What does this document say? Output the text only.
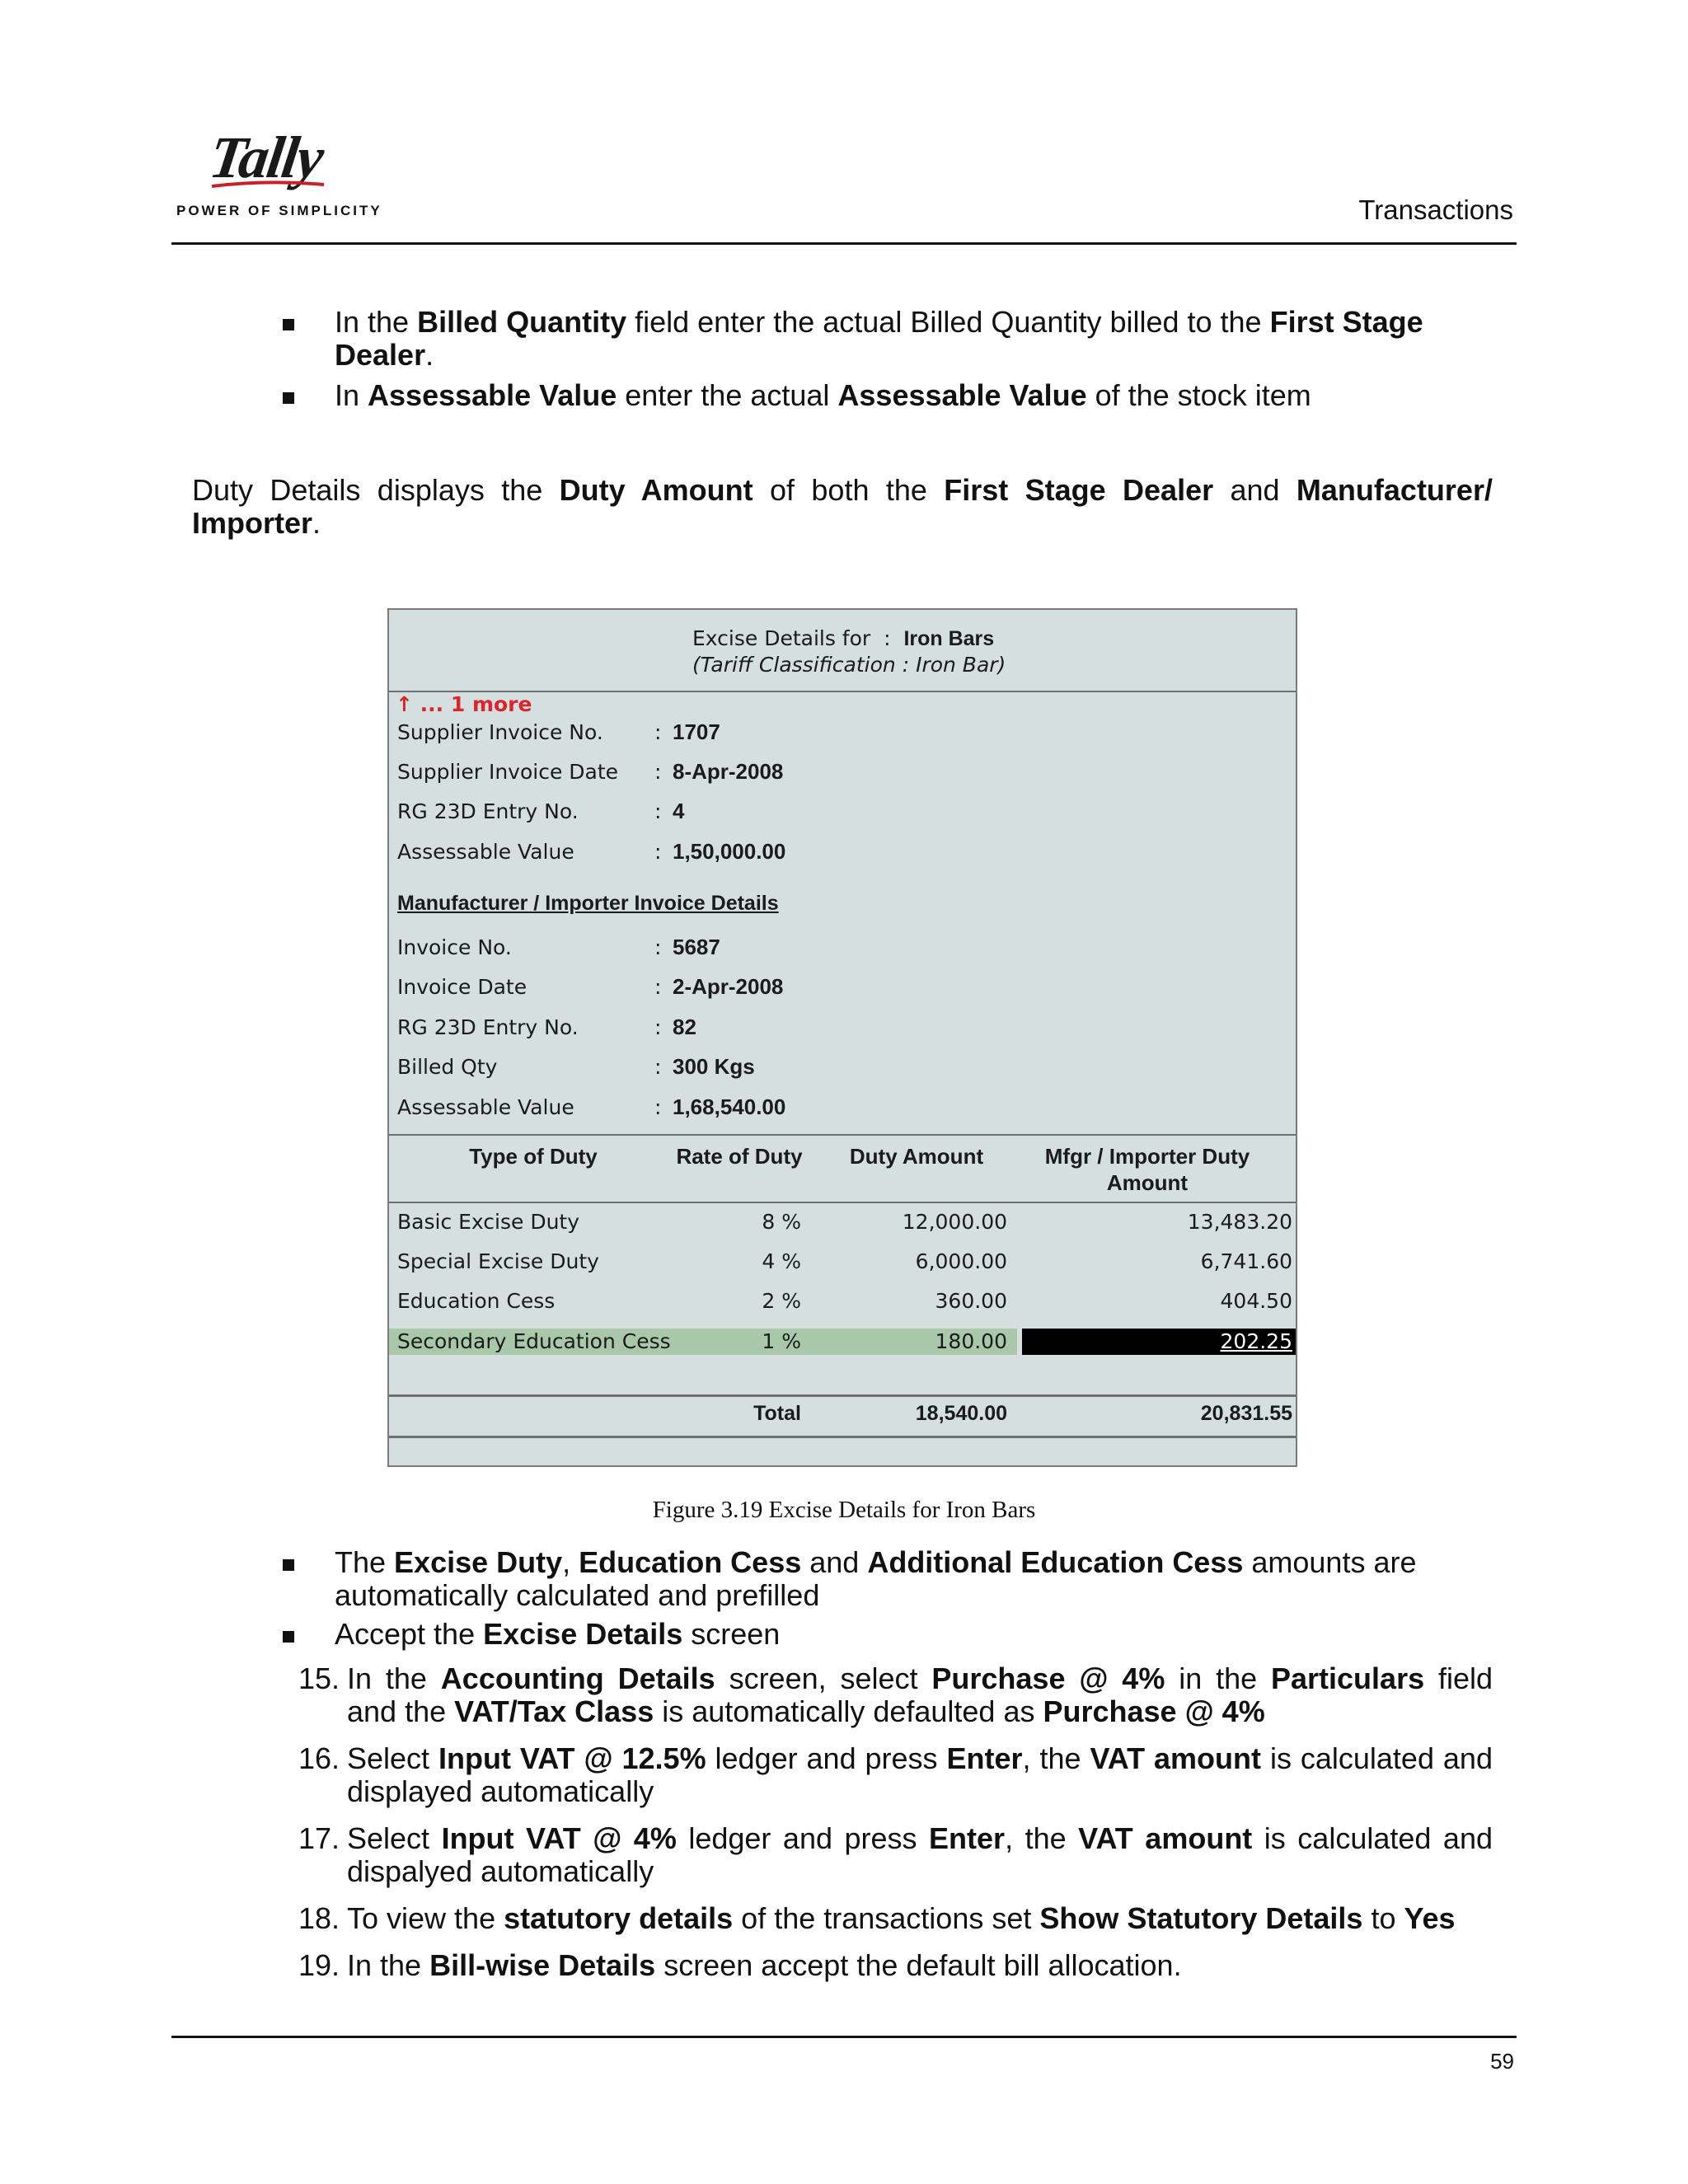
Tally
POWER OF SIMPLICITY	Transactions
In the Billed Quantity field enter the actual Billed Quantity billed to the First Stage
Dealer.
In Assessable Value enter the actual Assessable Value of the stock item
Duty Details displays the Duty Amount of both the First Stage Dealer and Manufacturer/
Importer.
Excise Details for : Iron Bars
(Tariff Classification : Iron Bar)
↑ ... 1 more
Supplier Invoice No. : 1707
Supplier Invoice Date : 8-Apr-2008
RG 23D Entry No.	: 4
Assessable Value	: 1,50,000.00
Manufacturer / Importer Invoice Details
Invoice No.	: 5687
Invoice Date	: 2-Apr-2008
RG 23D Entry No.	: 82
Billed Qty	: 300 Kgs
Assessable Value	: 1,68,540.00
Type of Duty	Rate of Duty	Duty Amount	Mfgr / Importer Duty
Amount
Basic Excise Duty	8 %	12,000.00	13,483.20
Special Excise Duty	4 %	6,000.00	6,741.60
Education Cess	2 %	360.00	404.50
Secondary Education Cess	1 %	180.00	202.25
Total	18,540.00	20,831.55
Figure 3.19 Excise Details for Iron Bars
The Excise Duty, Education Cess and Additional Education Cess amounts are
automatically calculated and prefilled
Accept the Excise Details screen
15. In the Accounting Details screen, select Purchase @ 4% in the Particulars field
and the VAT/Tax Class is automatically defaulted as Purchase @ 4%
16. Select Input VAT @ 12.5% ledger and press Enter, the VAT amount is calculated and
displayed automatically
17. Select Input VAT @ 4% ledger and press Enter, the VAT amount is calculated and
dispalyed automatically
18. To view the statutory details of the transactions set Show Statutory Details to Yes
19. In the Bill-wise Details screen accept the default bill allocation.
59
